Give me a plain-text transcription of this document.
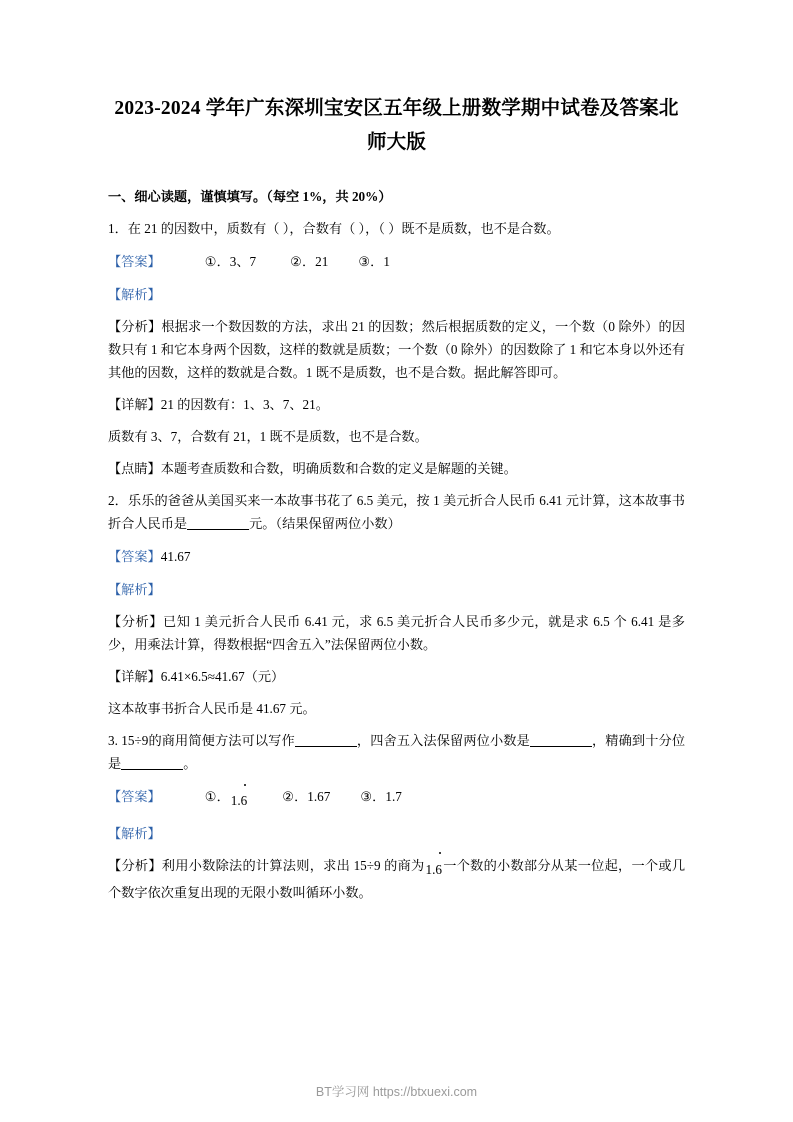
2023-2024 学年广东深圳宝安区五年级上册数学期中试卷及答案北师大版
一、细心读题，谨慎填写。（每空 1%，共 20%）
1．在 21 的因数中，质数有（ ），合数有（ ），（ ）既不是质数，也不是合数。
【答案】	①．3、7	②．21 ③．1
【解析】
【分析】根据求一个数因数的方法，求出 21 的因数；然后根据质数的定义，一个数（0 除外）的因数只有 1 和它本身两个因数，这样的数就是质数；一个数（0 除外）的因数除了 1 和它本身以外还有其他的因数，这样的数就是合数。1 既不是质数，也不是合数。据此解答即可。
【详解】21 的因数有：1、3、7、21。
质数有 3、7，合数有 21，1 既不是质数，也不是合数。
【点睛】本题考查质数和合数，明确质数和合数的定义是解题的关键。
2．乐乐的爸爸从美国买来一本故事书花了 6.5 美元，按 1 美元折合人民币 6.41 元计算，这本故事书折合人民币是	元。（结果保留两位小数）
【答案】41.67
【解析】
【分析】已知 1 美元折合人民币 6.41 元，求 6.5 美元折合人民币多少元，就是求 6.5 个 6.41 是多少，用乘法计算，得数根据“四舍五入”法保留两位小数。
【详解】6.41×6.5≈41.67（元）
这本故事书折合人民币是 41.67 元。
3. 15÷9的商用简便方法可以写作	，四舍五入法保留两位小数是	，精确到十分位是	。
【答案】	①．1.6	②．1.67 ③．1.7
【解析】
【分析】利用小数除法的计算法则，求出 15÷9 的商为1.6
一个数的小数部分从某一位起，一个或几个数字依次重复出现的无限小数叫循环小数。
BT学习网 https://btxuexi.com
